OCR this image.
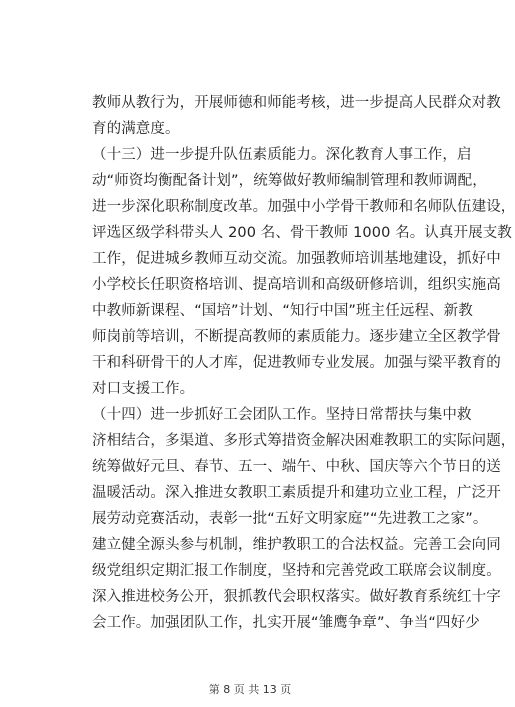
教师从教行为，开展师德和师能考核，进一步提高人民群众对教
育的满意度。
（十三）进一步提升队伍素质能力。深化教育人事工作，启
动“师资均衡配备计划”，统筹做好教师编制管理和教师调配，
进一步深化职称制度改革。加强中小学骨干教师和名师队伍建设，
评选区级学科带头人 200 名、骨干教师 1000 名。认真开展支教
工作，促进城乡教师互动交流。加强教师培训基地建设，抓好中
小学校长任职资格培训、提高培训和高级研修培训，组织实施高
中教师新课程、“国培”计划、“知行中国”班主任远程、新教
师岗前等培训，不断提高教师的素质能力。逐步建立全区教学骨
干和科研骨干的人才库，促进教师专业发展。加强与梁平教育的
对口支援工作。
（十四）进一步抓好工会团队工作。坚持日常帮扶与集中救
济相结合，多渠道、多形式筹措资金解决困难教职工的实际问题，
统筹做好元旦、春节、五一、端午、中秋、国庆等六个节日的送
温暖活动。深入推进女教职工素质提升和建功立业工程，广泛开
展劳动竞赛活动，表彰一批“五好文明家庭”“先进教工之家”。
建立健全源头参与机制，维护教职工的合法权益。完善工会向同
级党组织定期汇报工作制度，坚持和完善党政工联席会议制度。
深入推进校务公开，狠抓教代会职权落实。做好教育系统红十字
会工作。加强团队工作，扎实开展“雏鹰争章”、争当“四好少
第 8 页 共 13 页
